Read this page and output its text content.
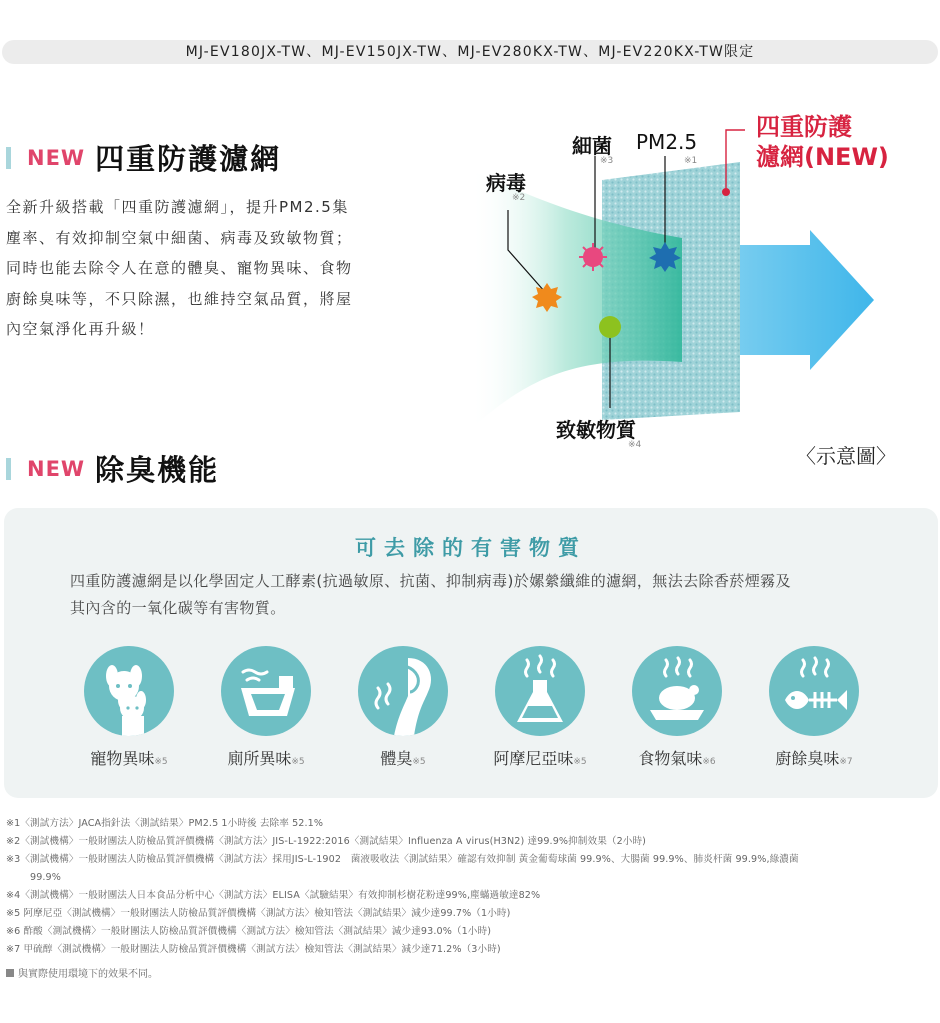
MJ-EV180JX-TW、MJ-EV150JX-TW、MJ-EV280KX-TW、MJ-EV220KX-TW限定
NEW 四重防護濾網
全新升級搭載「四重防護濾網」，提升PM2.5集
塵率、有效抑制空氣中細菌、病毒及致敏物質；
同時也能去除令人在意的體臭、寵物異味、食物
廚餘臭味等，不只除濕，也維持空氣品質，將屋
內空氣淨化再升級！
細菌
※3
PM2.5
※1
病毒
※2
四重防護
濾網(NEW)
致敏物質
※4	〈示意圖〉
NEW 除臭機能
可去除的有害物質
四重防護濾網是以化學固定人工酵素(抗過敏原、抗菌、抑制病毒)於嫘縈纖維的濾網，無法去除香菸煙霧及
其內含的一氧化碳等有害物質。
寵物異味※5	廁所異味※5	體臭※5	阿摩尼亞味※5	食物氣味※6	廚餘臭味※7
※1〈測試方法〉JACA指針法〈測試結果〉PM2.5 1小時後 去除率 52.1%
※2〈測試機構〉一般財團法人防檢品質評價機構〈測試方法〉JIS-L-1922:2016〈測試結果〉Influenza A virus(H3N2) 達99.9%抑制效果（2小時)
※3〈測試機構〉一般財團法人防檢品質評價機構〈測試方法〉採用JIS-L-1902　菌液吸收法〈測試結果〉確認有效抑制 黃金葡萄球菌 99.9%、大腸菌 99.9%、肺炎杆菌 99.9%,綠濃菌
99.9%
※4〈測試機構〉一般財團法人日本食品分析中心〈測試方法〉ELISA〈試驗結果〉有效抑制杉樹花粉達99%,塵蟎過敏達82%
※5 阿摩尼亞〈測試機構〉一般財團法人防檢品質評價機構〈測試方法〉檢知管法〈測試結果〉減少達99.7%（1小時)
※6 酢酸〈測試機構〉一般財團法人防檢品質評價機構〈測試方法〉檢知管法〈測試結果〉減少達93.0%（1小時)
※7 甲硫醇〈測試機構〉一般財團法人防檢品質評價機構〈測試方法〉檢知管法〈測試結果〉減少達71.2%（3小時)
與實際使用環境下的效果不同。
